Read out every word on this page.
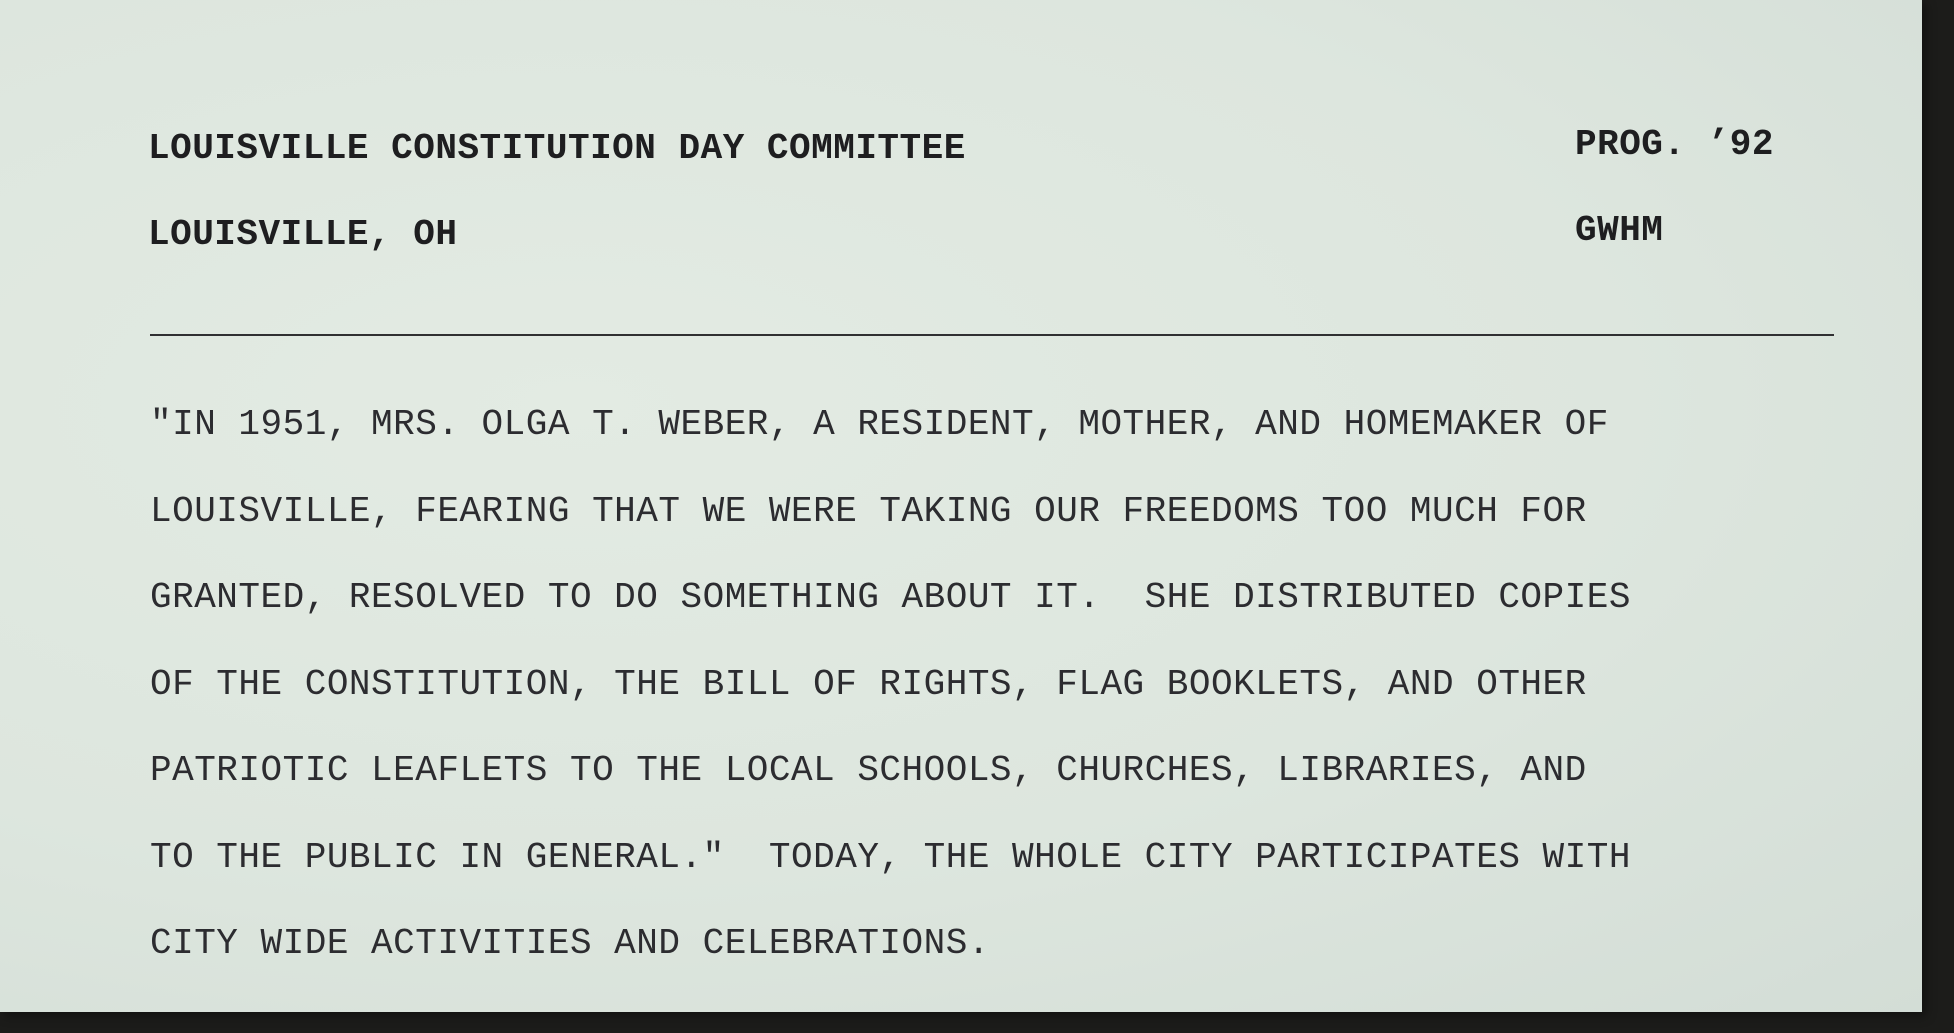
LOUISVILLE CONSTITUTION DAY COMMITTEE
LOUISVILLE, OH
PROG. ’92
GWHM
"IN 1951, MRS. OLGA T. WEBER, A RESIDENT, MOTHER, AND HOMEMAKER OF
LOUISVILLE, FEARING THAT WE WERE TAKING OUR FREEDOMS TOO MUCH FOR
GRANTED, RESOLVED TO DO SOMETHING ABOUT IT.  SHE DISTRIBUTED COPIES
OF THE CONSTITUTION, THE BILL OF RIGHTS, FLAG BOOKLETS, AND OTHER
PATRIOTIC LEAFLETS TO THE LOCAL SCHOOLS, CHURCHES, LIBRARIES, AND
TO THE PUBLIC IN GENERAL."  TODAY, THE WHOLE CITY PARTICIPATES WITH
CITY WIDE ACTIVITIES AND CELEBRATIONS.
